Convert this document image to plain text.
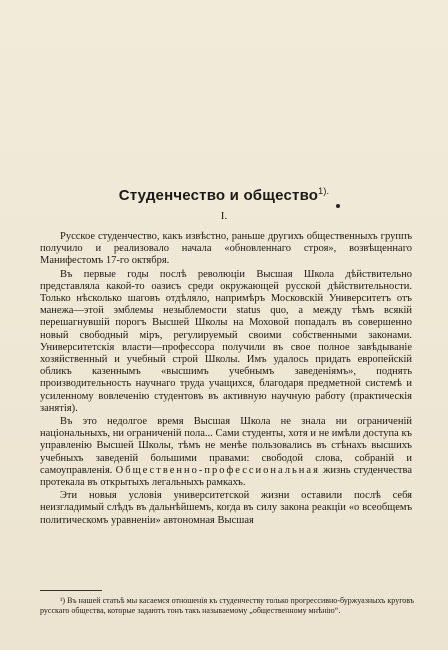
Студенчество и общество$^{1).}$
I.

Русское студенчество, какъ извѣстно, раньше другихъ общественныхъ группъ получило и реализовало начала «обновленнаго строя», возвѣщеннаго Манифестомъ 17-го октября.

Въ первые годы послѣ революціи Высшая Школа дѣйствительно представляла какой-то оазисъ среди окружающей русской дѣйствительности. Только нѣсколько шаговъ отдѣляло, напримѣръ Московскій Университетъ отъ манежа—этой эмблемы незыблемости status quo, а между тѣмъ всякій перешагнувшій порогъ Высшей Школы на Моховой попадалъ въ совершенно новый свободный міръ, регулируемый своими собственными законами. Университетскія власти—профессора получили въ свое полное завѣдываніе хозяйственный и учебный строй Школы. Имъ удалось придать европейскій обликъ казеннымъ «высшимъ учебнымъ заведеніямъ», поднять производительность научнаго труда учащихся, благодаря предметной системѣ и усиленному вовлеченію студентовъ въ активную научную работу (практическія занятія).

Въ это недолгое время Высшая Школа не знала ни ограниченій національныхъ, ни ограниченій пола... Сами студенты, хотя и не имѣли доступа къ управленію Высшей Школы, тѣмъ не менѣе пользовались въ стѣнахъ высшихъ учебныхъ заведеній большими правами: свободой слова, собраній и самоуправленія. Общественно-профессиональная жизнь студенчества протекала въ открытыхъ легальныхъ рамкахъ.

Эти новыя условія университетской жизни оставили послѣ себя неизгладимый слѣдъ въ дальнѣйшемъ, когда въ силу закона реакціи «о всеобщемъ политическомъ уравненіи» автономная Высшая

¹) Въ нашей статьѣ мы касаемся отношенія къ студенчеству только прогрессивно-буржуазныхъ круговъ русскаго общества, которые задаютъ тонъ такъ называемому „общественному мнѣнію“.
